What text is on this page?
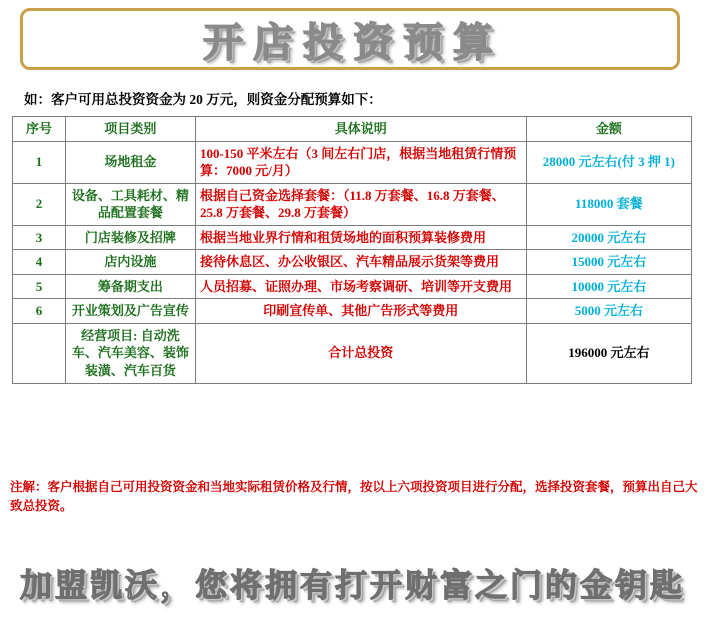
开店投资预算
如：客户可用总投资资金为 20 万元，则资金分配预算如下：
序号	项目类别	具体说明	金额
1	场地租金	100-150 平米左右（3 间左右门店，根据当地租赁行情预算：7000 元/月）	28000 元左右(付 3 押 1)
2	设备、工具耗材、精品配置套餐	根据自己资金选择套餐：（11.8 万套餐、16.8 万套餐、25.8 万套餐、29.8 万套餐）	118000 套餐
3	门店装修及招牌	根据当地业界行情和租赁场地的面积预算装修费用	20000 元左右
4	店内设施	接待休息区、办公收银区、汽车精品展示货架等费用	15000 元左右
5	筹备期支出	人员招募、证照办理、市场考察调研、培训等开支费用	10000 元左右
6	开业策划及广告宣传	印刷宣传单、其他广告形式等费用	5000 元左右
	经营项目: 自动洗车、汽车美容、装饰装潢、汽车百货	合计总投资	196000 元左右
注解：客户根据自己可用投资资金和当地实际租赁价格及行情，按以上六项投资项目进行分配，选择投资套餐，预算出自己大致总投资。
加盟凯沃，您将拥有打开财富之门的金钥匙
